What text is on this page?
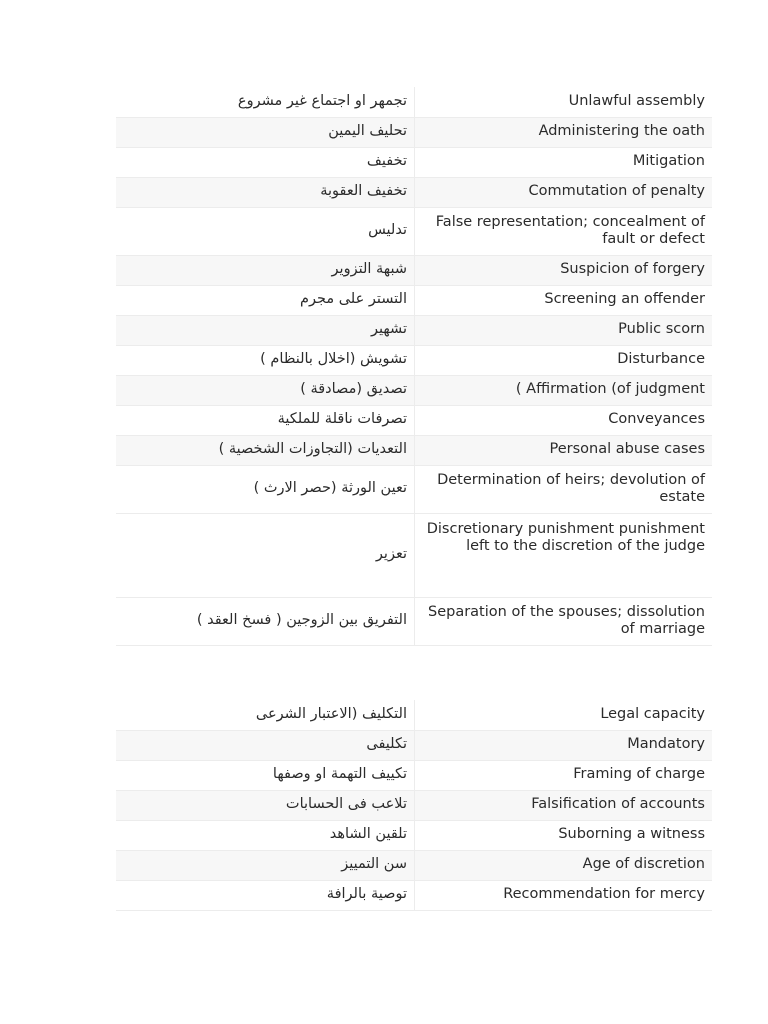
تجمهر او اجتماع غير مشروع	Unlawful assembly
تحليف اليمين	Administering the oath
تخفيف	Mitigation
تخفيف العقوبة	Commutation of penalty
تدليس	False representation; concealment of fault or defect
شبهة التزوير	Suspicion of forgery
التستر على مجرم	Screening an offender
تشهير	Public scorn
تشويش (اخلال بالنظام )	Disturbance
تصديق (مصادقة )	( Affirmation (of judgment
تصرفات ناقلة للملكية	Conveyances
التعديات (التجاوزات الشخصية )	Personal abuse cases
تعين الورثة (حصر الارث )	Determination of heirs; devolution of estate
تعزير	Discretionary punishment punishment left to the discretion of the judge
التفريق بين الزوجين ( فسخ العقد )	Separation of the spouses; dissolution of marriage
التكليف (الاعتبار الشرعى	Legal capacity
تكليفى	Mandatory
تكييف التهمة او وصفها	Framing of charge
تلاعب فى الحسابات	Falsification of accounts
تلقين الشاهد	Suborning a witness
سن التمييز	Age of discretion
توصية بالرافة	Recommendation for mercy
